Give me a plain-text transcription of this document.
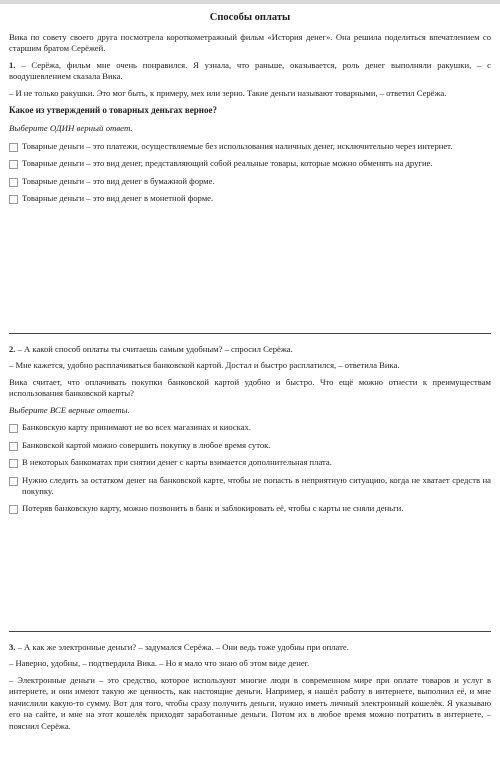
Способы оплаты

Вика по совету своего друга посмотрела короткометражный фильм «История денег». Она решила поделиться впечатлением со старшим братом Серёжей.

1. – Серёжа, фильм мне очень понравился. Я узнала, что раньше, оказывается, роль денег выполняли ракушки, – с воодушевлением сказала Вика.

– И не только ракушки. Это мог быть, к примеру, мех или зерно. Такие деньги называют товарными, – ответил Серёжа.

Какое из утверждений о товарных деньгах верное?

Выберите ОДИН верный ответ.

Товарные деньги – это платежи, осуществляемые без использования наличных денег, исключительно через интернет.

Товарные деньги – это вид денег, представляющий собой реальные товары, которые можно обменять на другие.

Товарные деньги – это вид денег в бумажной форме.

Товарные деньги – это вид денег в монетной форме.

2. – А какой способ оплаты ты считаешь самым удобным? – спросил Серёжа.

– Мне кажется, удобно расплачиваться банковской картой. Достал и быстро расплатился, – ответила Вика.

Вика считает, что оплачивать покупки банковской картой удобно и быстро. Что ещё можно отнести к преимуществам использования банковской карты?

Выберите ВСЕ верные ответы.

Банковскую карту принимают не во всех магазинах и киосках.

Банковской картой можно совершить покупку в любое время суток.

В некоторых банкоматах при снятии денег с карты взимается дополнительная плата.

Нужно следить за остатком денег на банковской карте, чтобы не попасть в неприятную ситуацию, когда не хватает средств на покупку.

Потеряв банковскую карту, можно позвонить в банк и заблокировать её, чтобы с карты не сняли деньги.

3. – А как же электронные деньги? – задумался Серёжа. – Они ведь тоже удобны при оплате.

– Наверно, удобны, – подтвердила Вика. – Но я мало что знаю об этом виде денег.

– Электронные деньги – это средство, которое используют многие люди в современном мире при оплате товаров и услуг в интернете, и они имеют такую же ценность, как настоящие деньги. Например, я нашёл работу в интернете, выполнил её, и мне начислили какую-то сумму. Вот для того, чтобы сразу получить деньги, нужно иметь личный электронный кошелёк. Я указываю его на сайте, и мне на этот кошелёк приходят заработанные деньги. Потом их в любое время можно потратить в интернете, – пояснил Серёжа.
